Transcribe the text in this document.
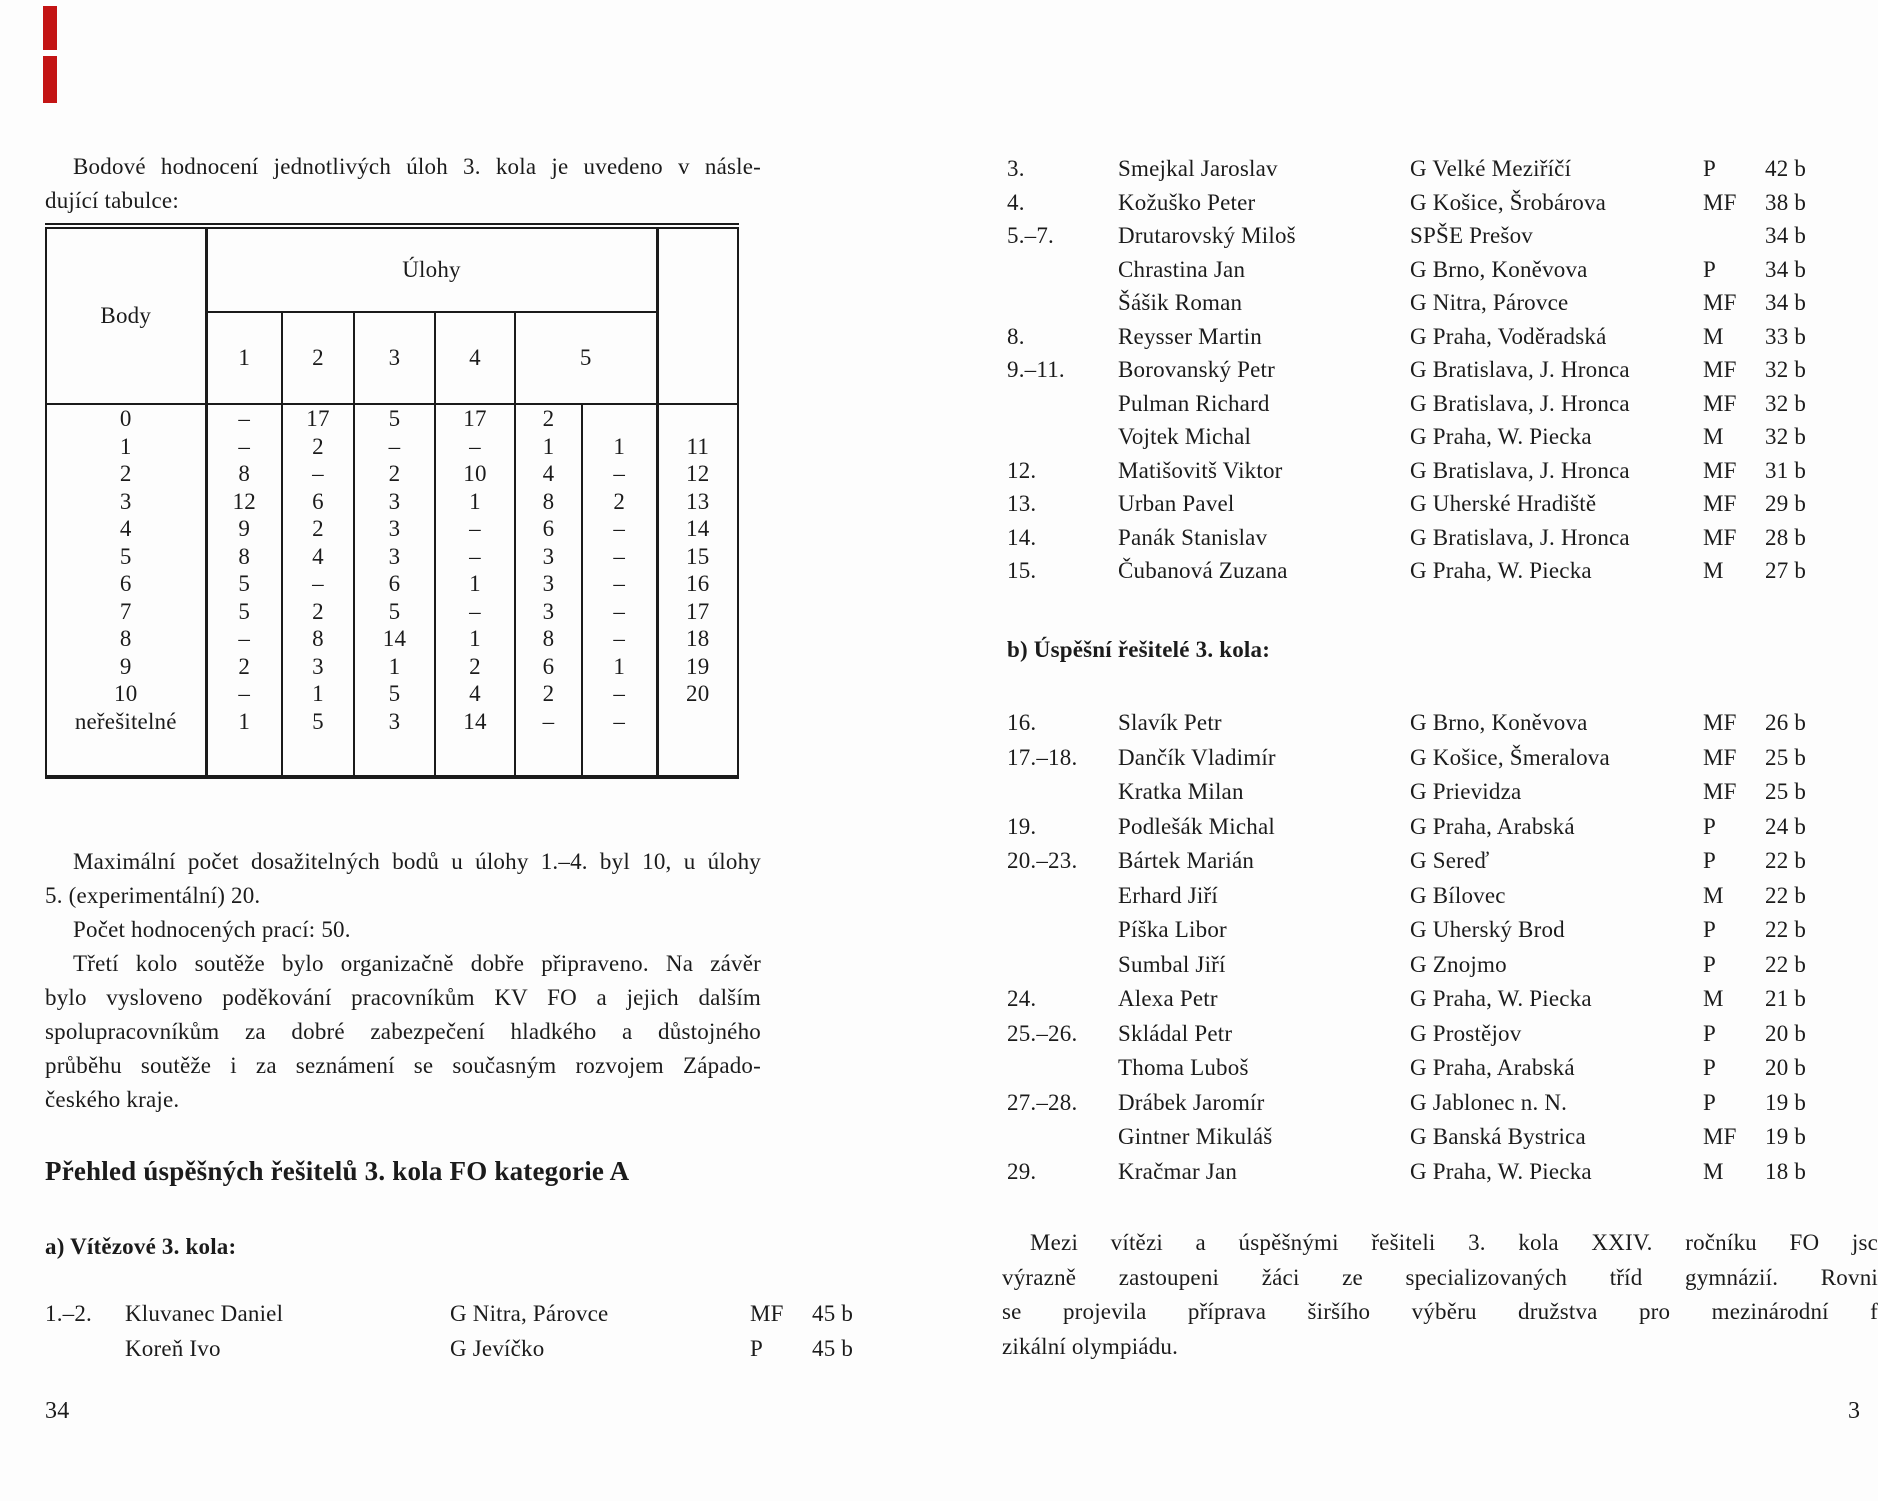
Bodové hodnocení jednotlivých úloh 3. kola je uvedeno v násle-
dující tabulce:
Body	Úlohy						
	1	2	3	4	5		
0	–	17	5	17	2		
1	–	2	–	–	1	1	11
2	8	–	2	10	4	–	12
3	12	6	3	1	8	2	13
4	9	2	3	–	6	–	14
5	8	4	3	–	3	–	15
6	5	–	6	1	3	–	16
7	5	2	5	–	3	–	17
8	–	8	14	1	8	–	18
9	2	3	1	2	6	1	19
10	–	1	5	4	2	–	20
neřešitelné	1	5	3	14	–	–	
Maximální počet dosažitelných bodů u úlohy 1.–4. byl 10, u úlohy
5. (experimentální) 20.
Počet hodnocených prací: 50.
Třetí kolo soutěže bylo organizačně dobře připraveno. Na závěr
bylo vysloveno poděkování pracovníkům KV FO a jejich dalším
spolupracovníkům za dobré zabezpečení hladkého a důstojného
průběhu soutěže i za seznámení se současným rozvojem Západo-
českého kraje.
Přehled úspěšných řešitelů 3. kola FO kategorie A
a) Vítězové 3. kola:
1.–2. Kluvanec Daniel	G Nitra, Párovce	MF 45 b
Koreň Ivo	G Jevíčko	P 45 b
34
3.	Smejkal Jaroslav	G Velké Meziříčí	P 42 b
4.	Kožuško Peter	G Košice, Šrobárova	MF 38 b
5.–7.	Drutarovský Miloš	SPŠE Prešov	34 b
Chrastina Jan	G Brno, Koněvova	P 34 b
Šášik Roman	G Nitra, Párovce	MF 34 b
8.	Reysser Martin	G Praha, Voděradská	M 33 b
9.–11. Borovanský Petr	G Bratislava, J. Hronca	MF 32 b
Pulman Richard	G Bratislava, J. Hronca	MF 32 b
Vojtek Michal	G Praha, W. Piecka	M 32 b
12.	Matišovitš Viktor	G Bratislava, J. Hronca	MF 31 b
13.	Urban Pavel	G Uherské Hradiště	MF 29 b
14.	Panák Stanislav	G Bratislava, J. Hronca	MF 28 b
15.	Čubanová Zuzana	G Praha, W. Piecka	M 27 b
b) Úspěšní řešitelé 3. kola:
16.	Slavík Petr	G Brno, Koněvova	MF 26 b
17.–18. Dančík Vladimír	G Košice, Šmeralova	MF 25 b
Kratka Milan	G Prievidza	MF 25 b
19.	Podlešák Michal	G Praha, Arabská	P 24 b
20.–23. Bártek Marián	G Sereď	P 22 b
Erhard Jiří	G Bílovec	M 22 b
Píška Libor	G Uherský Brod	P 22 b
Sumbal Jiří	G Znojmo	P 22 b
24.	Alexa Petr	G Praha, W. Piecka	M 21 b
25.–26. Skládal Petr	G Prostějov	P 20 b
Thoma Luboš	G Praha, Arabská	P 20 b
27.–28. Drábek Jaromír	G Jablonec n. N.	P 19 b
Gintner Mikuláš	G Banská Bystrica	MF 19 b
29.	Kračmar Jan	G Praha, W. Piecka	M 18 b
Mezi vítězi a úspěšnými řešiteli 3. kola XXIV. ročníku FO jsc
výrazně zastoupeni žáci ze specializovaných tříd gymnázií. Rovni
se projevila příprava širšího výběru družstva pro mezinárodní f
zikální olympiádu.
3
